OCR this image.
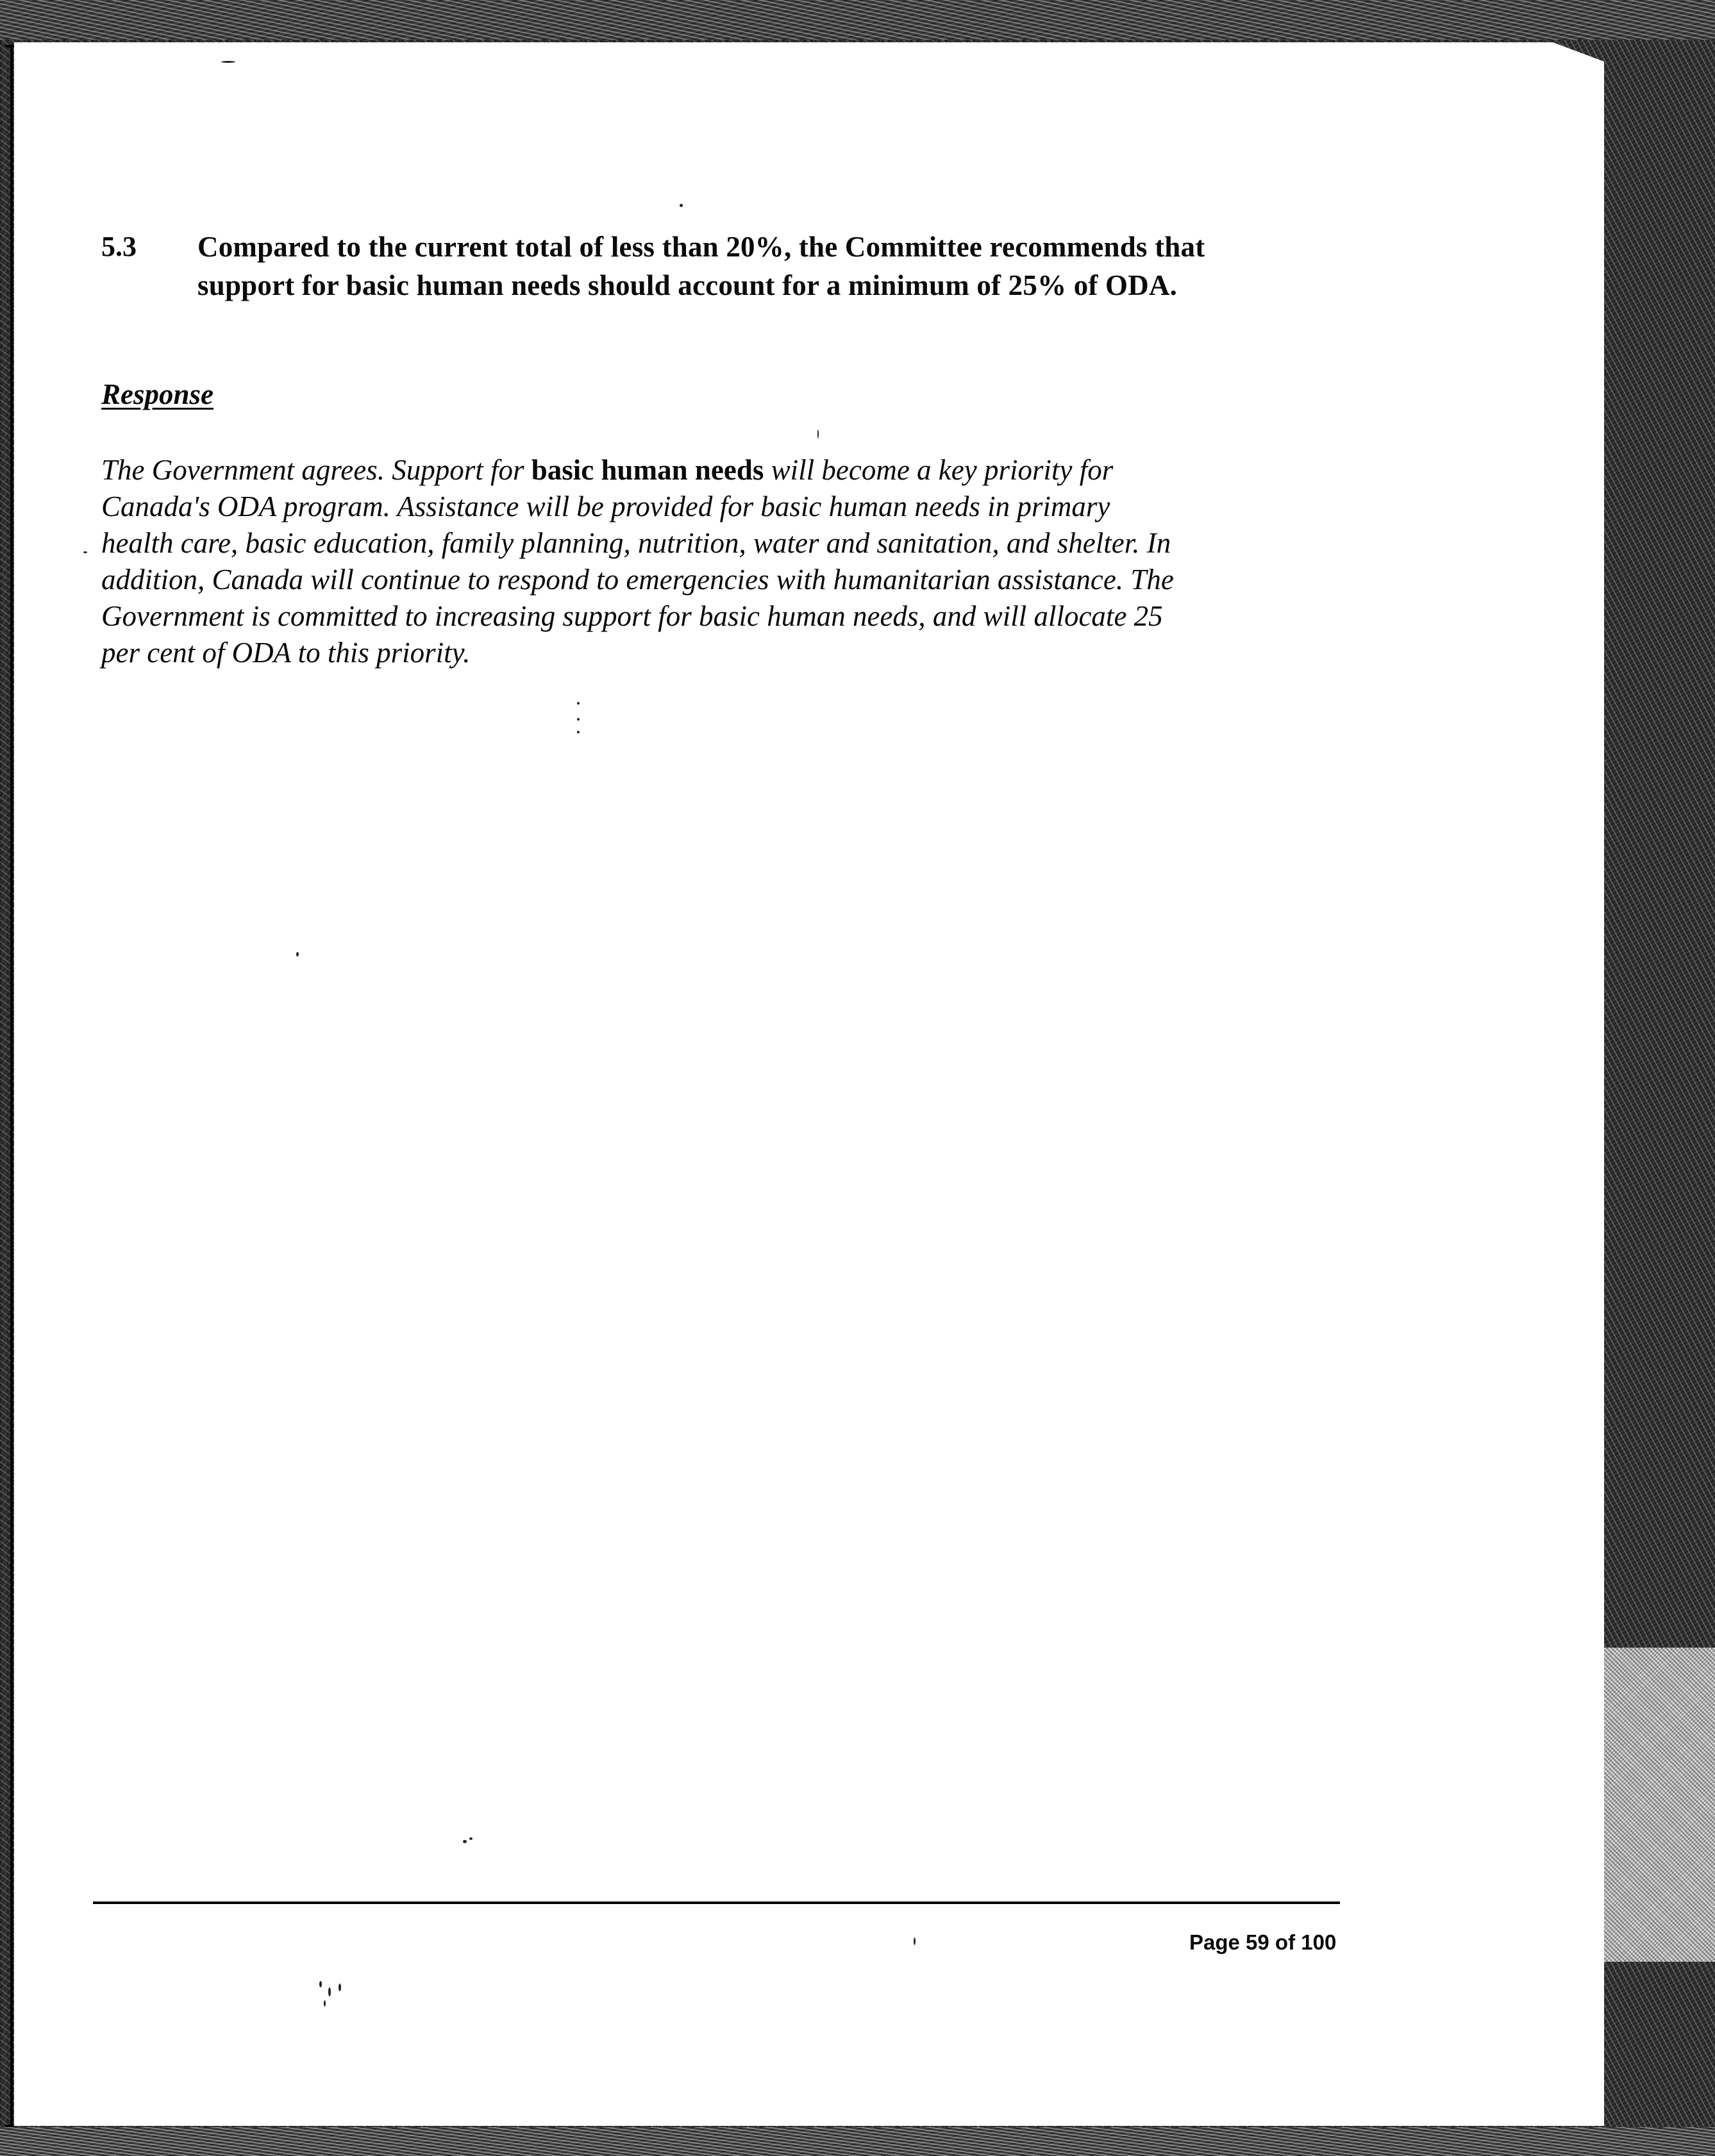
5.3 Compared to the current total of less than 20%, the Committee recommends that
support for basic human needs should account for a minimum of 25% of ODA.
Response
The Government agrees. Support for basic human needs will become a key priority for
Canada's ODA program. Assistance will be provided for basic human needs in primary
health care, basic education, family planning, nutrition, water and sanitation, and shelter. In
addition, Canada will continue to respond to emergencies with humanitarian assistance. The
Government is committed to increasing support for basic human needs, and will allocate 25
per cent of ODA to this priority.
Page 59 of 100
